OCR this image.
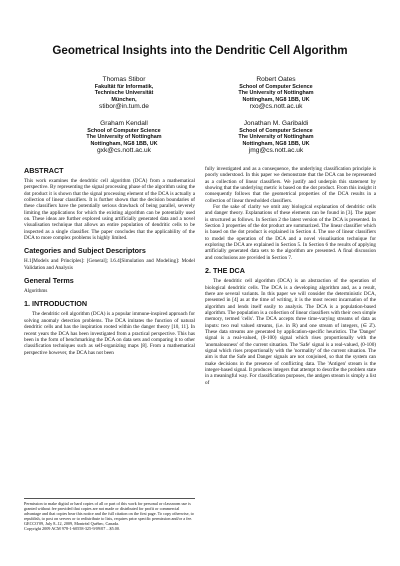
Geometrical Insights into the Dendritic Cell Algorithm
Thomas Stibor
Fakultät für Informatik,
Technische Universität
München,
stibor@in.tum.de
Robert Oates
School of Computer Science
The University of Nottingham
Nottingham, NG8 1BB, UK
rxo@cs.nott.ac.uk
Graham Kendall
School of Computer Science
The University of Nottingham
Nottingham, NG8 1BB, UK
gxk@cs.nott.ac.uk
Jonathan M. Garibaldi
School of Computer Science
The University of Nottingham
Nottingham, NG8 1BB, UK
jmg@cs.nott.ac.uk
ABSTRACT

This work examines the dendritic cell algorithm (DCA) from a mathematical perspective. By representing the signal processing phase of the algorithm using the dot product it is shown that the signal processing element of the DCA is actually a collection of linear classifiers. It is further shown that the decision boundaries of these classifiers have the potentially serious drawback of being parallel, severely limiting the applications for which the existing algorithm can be potentially used on. These ideas are further explored using artificially generated data and a novel visualisation technique that allows an entire population of dendritic cells to be inspected as a single classifier. The paper concludes that the applicability of the DCA to more complex problems is highly limited.

Categories and Subject Descriptors

H.1[Models and Principles]: [General]; I.6.4[Simulation and Modeling]: Model Validation and Analysis

General Terms

Algorithms

1. INTRODUCTION

The dendritic cell algorithm (DCA) is a popular immune-inspired approach for solving anomaly detection problems. The DCA imitates the function of natural dendritic cells and has the inspiration rooted within the danger theory [10, 11]. In recent years the DCA has been investigated from a practical perspective. This has been in the form of benchmarking the DCA on data sets and comparing it to other classification techniques such as self-organizing maps [8]. From a mathematical perspective however, the DCA has not been

Permission to make digital or hard copies of all or part of this work for personal or classroom use is granted without fee provided that copies are not made or distributed for profit or commercial advantage and that copies bear this notice and the full citation on the first page. To copy otherwise, to republish, to post on servers or to redistribute to lists, requires prior specific permission and/or a fee.

GECCO'09, July 8–12, 2009, Montréal Québec, Canada.

Copyright 2009 ACM 978-1-60558-325-9/09/07 ...$5.00.

fully investigated and as a consequence, the underlying classification principle is poorly understood. In this paper we demonstrate that the DCA can be represented as a collection of linear classifiers. We justify and underpin this statement by showing that the underlying metric is based on the dot product. From this insight it consequently follows that the geometrical properties of the DCA results in a collection of linear thresholded classifiers.

For the sake of clarity we omit any biological explanation of dendritic cells and danger theory. Explanations of these elements can be found in [3]. The paper is structured as follows. In Section 2 the latest version of the DCA is presented. In Section 3 properties of the dot product are summarized. The linear classifier which is based on the dot product is explained in Section 4. The use of linear classifiers to model the operation of the DCA and a novel visualisation technique for exploring the DCA are explained in Section 5. In Section 6 the results of applying artificially generated data sets to the algorithm are presented. A final discussion and conclusions are provided in Section 7.

2. THE DCA

The dendritic cell algorithm (DCA) is an abstraction of the operation of biological dendritic cells. The DCA is a developing algorithm and, as a result, there are several variants. In this paper we will consider the deterministic DCA, presented in [4] as at the time of writing, it is the most recent incarnation of the algorithm and lends itself easily to analysis. The DCA is a population-based algorithm. The population is a collection of linear classifiers with their own simple memory, termed 'cells'. The DCA accepts three time-varying streams of data as inputs: two real valued streams, (i.e. in ℝ) and one stream of integers, (∈ ℤ). These data streams are generated by application-specific heuristics. The 'Danger' signal is a real-valued, (0-100) signal which rises proportionally with the 'anomalousness' of the current situation. The 'Safe' signal is a real-valued, (0-100) signal which rises proportionally with the 'normality' of the current situation. The aim is that the Safe and Danger signals are not conjoined, so that the system can make decisions in the presence of conflicting data. The 'Antigen' stream is the integer-based signal. It produces integers that attempt to describe the problem state in a meaningful way. For classification purposes, the antigen stream is simply a list of
